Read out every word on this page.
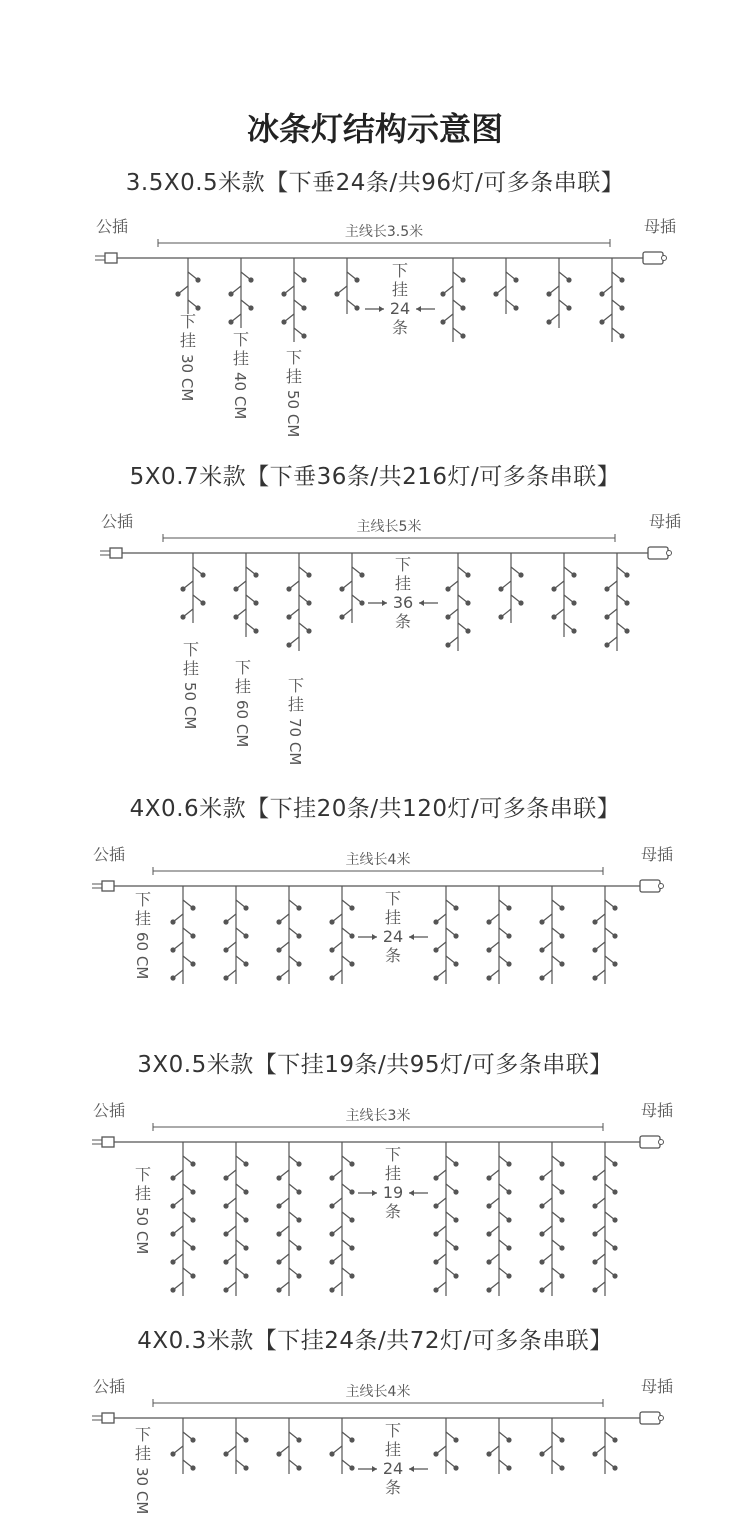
冰条灯结构示意图
3.5X0.5米款【下垂24条/共96灯/可多条串联】
5X0.7米款【下垂36条/共216灯/可多条串联】
4X0.6米款【下挂20条/共120灯/可多条串联】
3X0.5米款【下挂19条/共95灯/可多条串联】
4X0.3米款【下挂24条/共72灯/可多条串联】
公插	母插
主线长3.5米
下
挂
24
条
下
挂
30 CM
下
挂
40 CM
下
挂
50 CM
公插	母插
主线长5米
下
挂
36
条
下
挂
50 CM
下
挂
60 CM
下
挂
70 CM
公插	母插
主线长4米
下
挂
24
条
下
挂
60 CM
公插	母插
主线长3米
下
挂
19
条
下
挂
50 CM
公插	母插
主线长4米
下
挂
24
条
下
挂
30 CM
